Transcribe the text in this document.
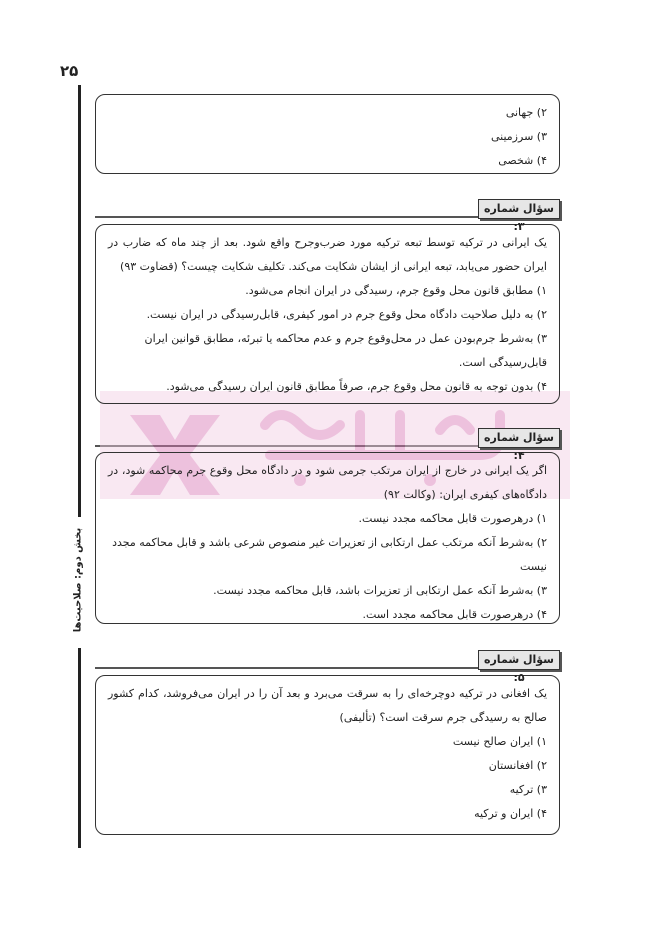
۲۵
بخش دوم: صلاحیت‌ها
۲) جهانی
۳) سرزمینی
۴) شخصی
سؤال شماره ۳:
یک ایرانی در ترکیه توسط تبعه ترکیه مورد ضرب‌وجرح واقع شود. بعد از چند ماه که ضارب در ایران حضور می‌یابد، تبعه ایرانی از ایشان شکایت می‌کند. تکلیف شکایت چیست؟ (قضاوت ۹۳)
۱) مطابق قانون محل وقوع جرم، رسیدگی در ایران انجام می‌شود.
۲) به دلیل صلاحیت دادگاه محل وقوع جرم در امور کیفری، قابل‌رسیدگی در ایران نیست.
۳) به‌شرط جرم‌بودن عمل در محل‌وقوع جرم و عدم محاکمه یا تبرئه، مطابق قوانین ایران قابل‌رسیدگی است.
۴) بدون توجه به قانون محل وقوع جرم، صرفاً مطابق قانون ایران رسیدگی می‌شود.
سؤال شماره ۴:
اگر یک ایرانی در خارج از ایران مرتکب جرمی شود و در دادگاه محل وقوع جرم محاکمه شود، در دادگاه‌های کیفری ایران: (وکالت ۹۲)
۱) درهرصورت قابل محاکمه مجدد نیست.
۲) به‌شرط آنکه مرتکب عمل ارتکابی از تعزیرات غیر منصوص شرعی باشد و قابل محاکمه مجدد نیست
۳) به‌شرط آنکه عمل ارتکابی از تعزیرات باشد، قابل محاکمه مجدد نیست.
۴) درهرصورت قابل محاکمه مجدد است.
سؤال شماره ۵:
یک افغانی در ترکیه دوچرخه‌ای را به سرقت می‌برد و بعد آن را در ایران می‌فروشد، کدام کشور صالح به رسیدگی جرم سرقت است؟ (تألیفی)
۱) ایران صالح نیست
۲) افغانستان
۳) ترکیه
۴) ایران و ترکیه
